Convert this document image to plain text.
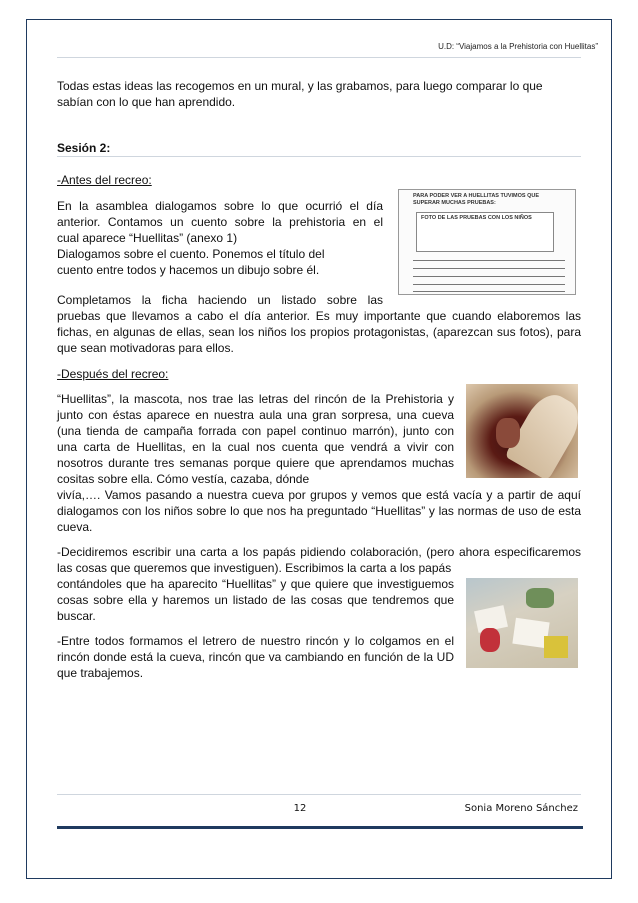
U.D: “Viajamos a la Prehistoria con Huellitas”

Todas estas ideas las recogemos en un mural, y las grabamos, para luego comparar lo que sabían con lo que han aprendido.

Sesión 2:

-Antes del recreo:

En la asamblea dialogamos sobre lo que ocurrió el día

anterior. Contamos un cuento sobre la prehistoria en el

cual aparece “Huellitas” (anexo 1)

Dialogamos sobre el cuento. Ponemos el título del

cuento entre todos y hacemos un dibujo sobre él.

PARA PODER VER A HUELLITAS TUVIMOS QUE SUPERAR MUCHAS PRUEBAS:
FOTO DE LAS PRUEBAS CON LOS NIÑOS

Completamos la ficha haciendo un listado sobre las

pruebas que llevamos a cabo el día anterior. Es muy importante que cuando elaboremos las fichas, en algunas de ellas, sean los niños los propios protagonistas, (aparezcan sus fotos), para que sean motivadoras para ellos.

-Después del recreo:

“Huellitas”, la mascota, nos trae las letras del rincón de la Prehistoria y junto con éstas aparece en nuestra aula una gran sorpresa, una cueva (una tienda de campaña forrada con papel continuo marrón), junto con una carta de Huellitas, en la cual nos cuenta que vendrá a vivir con nosotros durante tres semanas porque quiere que aprendamos muchas cositas sobre ella. Cómo vestía, cazaba, dónde

vivía,…. Vamos pasando a nuestra cueva por grupos y vemos que está vacía y a partir de aquí dialogamos con los niños sobre lo que nos ha preguntado “Huellitas” y las normas de uso de esta cueva.

-Decidiremos escribir una carta a los papás pidiendo colaboración, (pero ahora especificaremos las cosas que queremos que investiguen). Escribimos la carta a los papás

contándoles que ha aparecito “Huellitas” y que quiere que investiguemos cosas sobre ella y haremos un listado de las cosas que tendremos que buscar.

-Entre todos formamos el letrero de nuestro rincón y lo colgamos en el rincón donde está la cueva, rincón que va cambiando en función de la UD que trabajemos.

12	Sonia Moreno Sánchez
